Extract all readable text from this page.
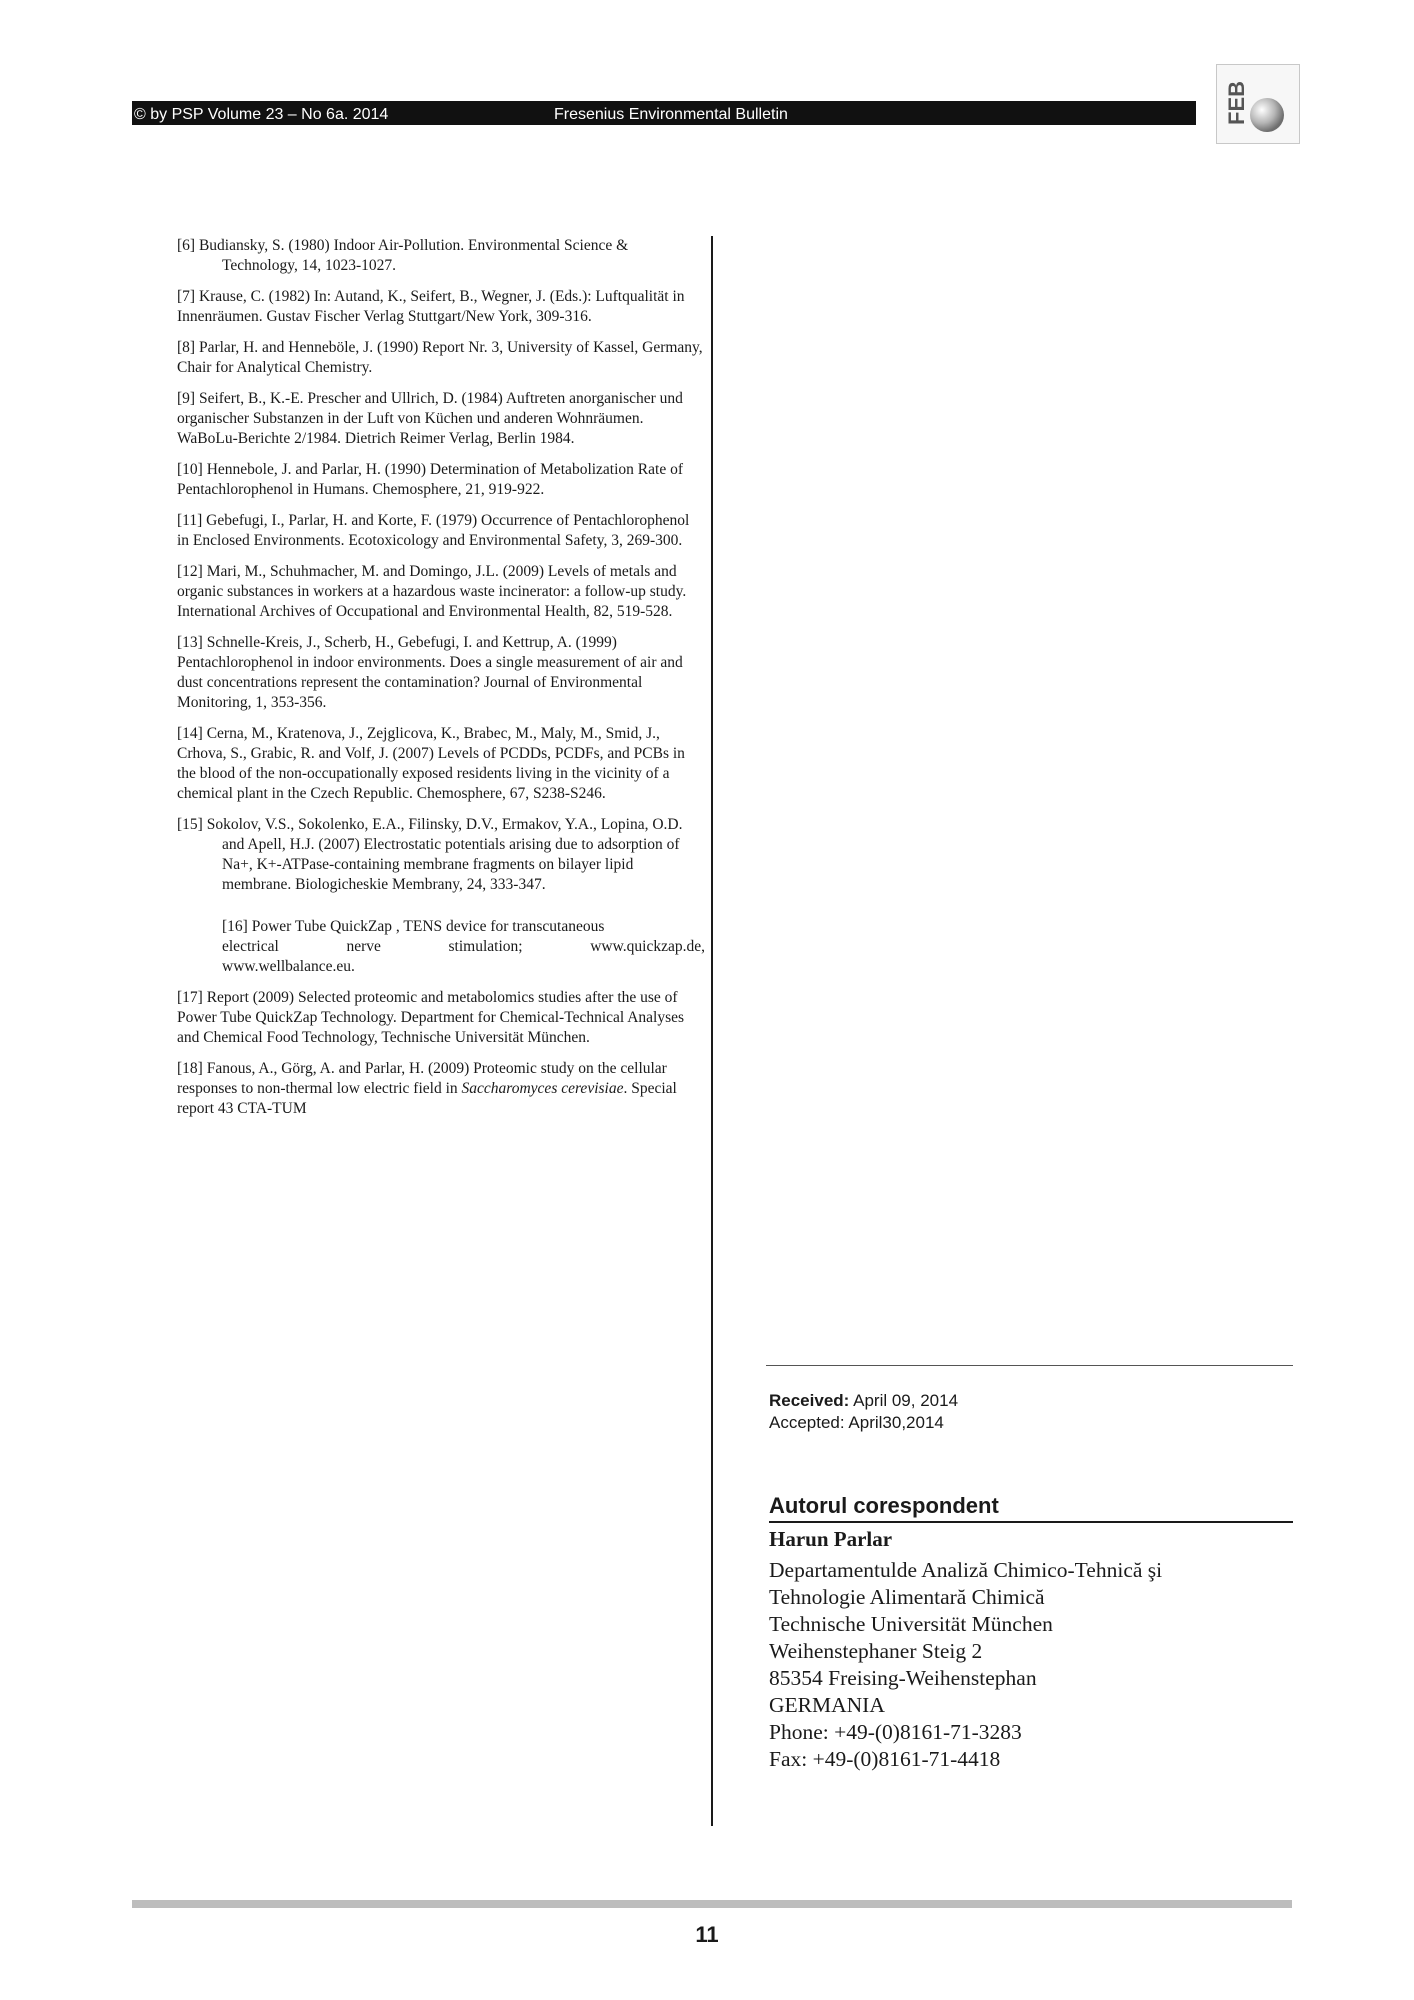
© by PSP Volume 23 – No 6a. 2014	Fresenius Environmental Bulletin	FEB

[6] Budiansky, S. (1980) Indoor Air-Pollution. Environmental Science & Technology, 14, 1023-1027.

[7] Krause, C. (1982) In: Autand, K., Seifert, B., Wegner, J. (Eds.): Luftqualität in Innenräumen. Gustav Fischer Verlag Stuttgart/New York, 309-316.

[8] Parlar, H. and Henneböle, J. (1990) Report Nr. 3, University of Kassel, Germany, Chair for Analytical Chemistry.

[9] Seifert, B., K.-E. Prescher and Ullrich, D. (1984) Auftreten anorganischer und organischer Substanzen in der Luft von Küchen und anderen Wohnräumen. WaBoLu-Berichte 2/1984. Dietrich Reimer Verlag, Berlin 1984.

[10] Hennebole, J. and Parlar, H. (1990) Determination of Metabolization Rate of Pentachlorophenol in Humans. Chemosphere, 21, 919-922.

[11] Gebefugi, I., Parlar, H. and Korte, F. (1979) Occurrence of Pentachlorophenol in Enclosed Environments. Ecotoxicology and Environmental Safety, 3, 269-300.

[12] Mari, M., Schuhmacher, M. and Domingo, J.L. (2009) Levels of metals and organic substances in workers at a hazardous waste incinerator: a follow-up study. International Archives of Occupational and Environmental Health, 82, 519-528.

[13] Schnelle-Kreis, J., Scherb, H., Gebefugi, I. and Kettrup, A. (1999) Pentachlorophenol in indoor environments. Does a single measurement of air and dust concentrations represent the contamination? Journal of Environmental Monitoring, 1, 353-356.

[14] Cerna, M., Kratenova, J., Zejglicova, K., Brabec, M., Maly, M., Smid, J., Crhova, S., Grabic, R. and Volf, J. (2007) Levels of PCDDs, PCDFs, and PCBs in the blood of the non-occupationally exposed residents living in the vicinity of a chemical plant in the Czech Republic. Chemosphere, 67, S238-S246.

[15] Sokolov, V.S., Sokolenko, E.A., Filinsky, D.V., Ermakov, Y.A., Lopina, O.D. and Apell, H.J. (2007) Electrostatic potentials arising due to adsorption of Na+, K+-ATPase-containing membrane fragments on bilayer lipid membrane. Biologicheskie Membrany, 24, 333-347.

[16] Power Tube QuickZap , TENS device for transcutaneous
electrical	nerve	stimulation;	www.quickzap.de,
www.wellbalance.eu.

[17] Report (2009) Selected proteomic and metabolomics studies after the use of Power Tube QuickZap Technology. Department for Chemical-Technical Analyses and Chemical Food Technology, Technische Universität München.

[18] Fanous, A., Görg, A. and Parlar, H. (2009) Proteomic study on the cellular responses to non-thermal low electric field in Saccharomyces cerevisiae. Special report 43 CTA-TUM

Received: April 09, 2014
Accepted: April30,2014
Autorul corespondent
Harun Parlar
Departamentulde Analiză Chimico-Tehnică şi
Tehnologie Alimentară Chimică
Technische Universität München
Weihenstephaner Steig 2
85354 Freising-Weihenstephan
GERMANIA
Phone: +49-(0)8161-71-3283
Fax: +49-(0)8161-71-4418
11
